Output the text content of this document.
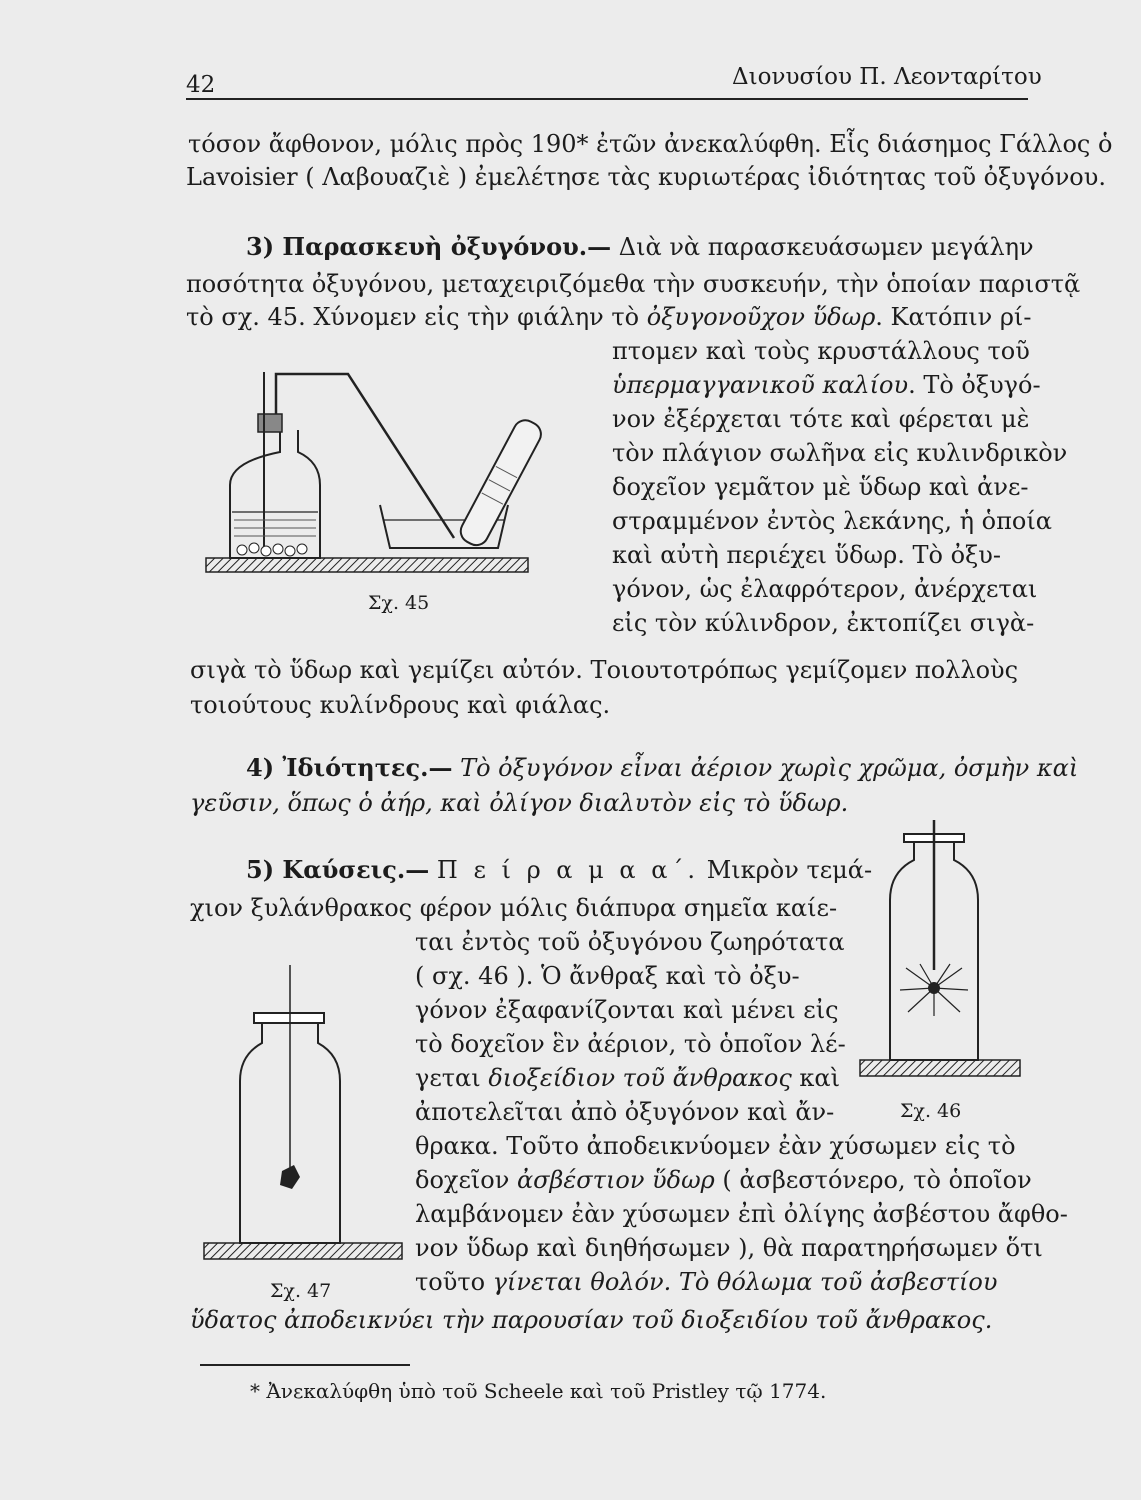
42	Διονυσίου Π. Λεονταρίτου
τόσον ἄφθονον, μόλις πρὸς 190* ἐτῶν ἀνεκαλύφθη. Εἷς διάσημος Γάλλος ὁ
Lavoisier ( Λαβουαζιὲ ) ἐμελέτησε τὰς κυριωτέρας ἰδιότητας τοῦ ὀξυγόνου.
3) Παρασκευὴ ὀξυγόνου.— Διὰ νὰ παρασκευάσωμεν μεγάλην
ποσότητα ὀξυγόνου, μεταχειριζόμεθα τὴν συσκευήν, τὴν ὁποίαν παριστᾷ
τὸ σχ. 45. Χύνομεν εἰς τὴν φιάλην τὸ ὀξυγονοῦχον ὕδωρ. Κατόπιν ρί-
πτομεν καὶ τοὺς κρυστάλλους τοῦ
ὑπερμαγγανικοῦ καλίου. Τὸ ὀξυγό-
νον ἐξέρχεται τότε καὶ φέρεται μὲ
τὸν πλάγιον σωλῆνα εἰς κυλινδρικὸν
δοχεῖον γεμᾶτον μὲ ὕδωρ καὶ ἀνε-
στραμμένον ἐντὸς λεκάνης, ἡ ὁποία
καὶ αὐτὴ περιέχει ὕδωρ. Τὸ ὀξυ-
γόνον, ὡς ἐλαφρότερον, ἀνέρχεται
εἰς τὸν κύλινδρον, ἐκτοπίζει σιγὰ-
σιγὰ τὸ ὕδωρ καὶ γεμίζει αὐτόν. Τοιουτοτρόπως γεμίζομεν πολλοὺς
τοιούτους κυλίνδρους καὶ φιάλας.
Σχ. 45
4) Ἰδιότητες.— Τὸ ὀξυγόνον εἶναι ἀέριον χωρὶς χρῶμα, ὀσμὴν καὶ
γεῦσιν, ὅπως ὁ ἀήρ, καὶ ὀλίγον διαλυτὸν εἰς τὸ ὕδωρ.
5) Καύσεις.— Π ε ί ρ α μ α α΄. Μικρὸν τεμά-
χιον ξυλάνθρακος φέρον μόλις διάπυρα σημεῖα καίε-
ται ἐντὸς τοῦ ὀξυγόνου ζωηρότατα
( σχ. 46 ). Ὁ ἄνθραξ καὶ τὸ ὀξυ-
γόνον ἐξαφανίζονται καὶ μένει εἰς
τὸ δοχεῖον ἓν ἀέριον, τὸ ὁποῖον λέ-
γεται διοξείδιον τοῦ ἄνθρακος καὶ
ἀποτελεῖται ἀπὸ ὀξυγόνον καὶ ἄν-
θρακα. Τοῦτο ἀποδεικνύομεν ἐὰν χύσωμεν εἰς τὸ
δοχεῖον ἀσβέστιον ὕδωρ ( ἀσβεστόνερο, τὸ ὁποῖον
λαμβάνομεν ἐὰν χύσωμεν ἐπὶ ὀλίγης ἀσβέστου ἄφθο-
νον ὕδωρ καὶ διηθήσωμεν ), θὰ παρατηρήσωμεν ὅτι
τοῦτο γίνεται θολόν. Τὸ θόλωμα τοῦ ἀσβεστίου
ὕδατος ἀποδεικνύει τὴν παρουσίαν τοῦ διοξειδίου τοῦ ἄνθρακος.
Σχ. 46
Σχ. 47
* Ἀνεκαλύφθη ὑπὸ τοῦ Scheele καὶ τοῦ Pristley τῷ 1774.
